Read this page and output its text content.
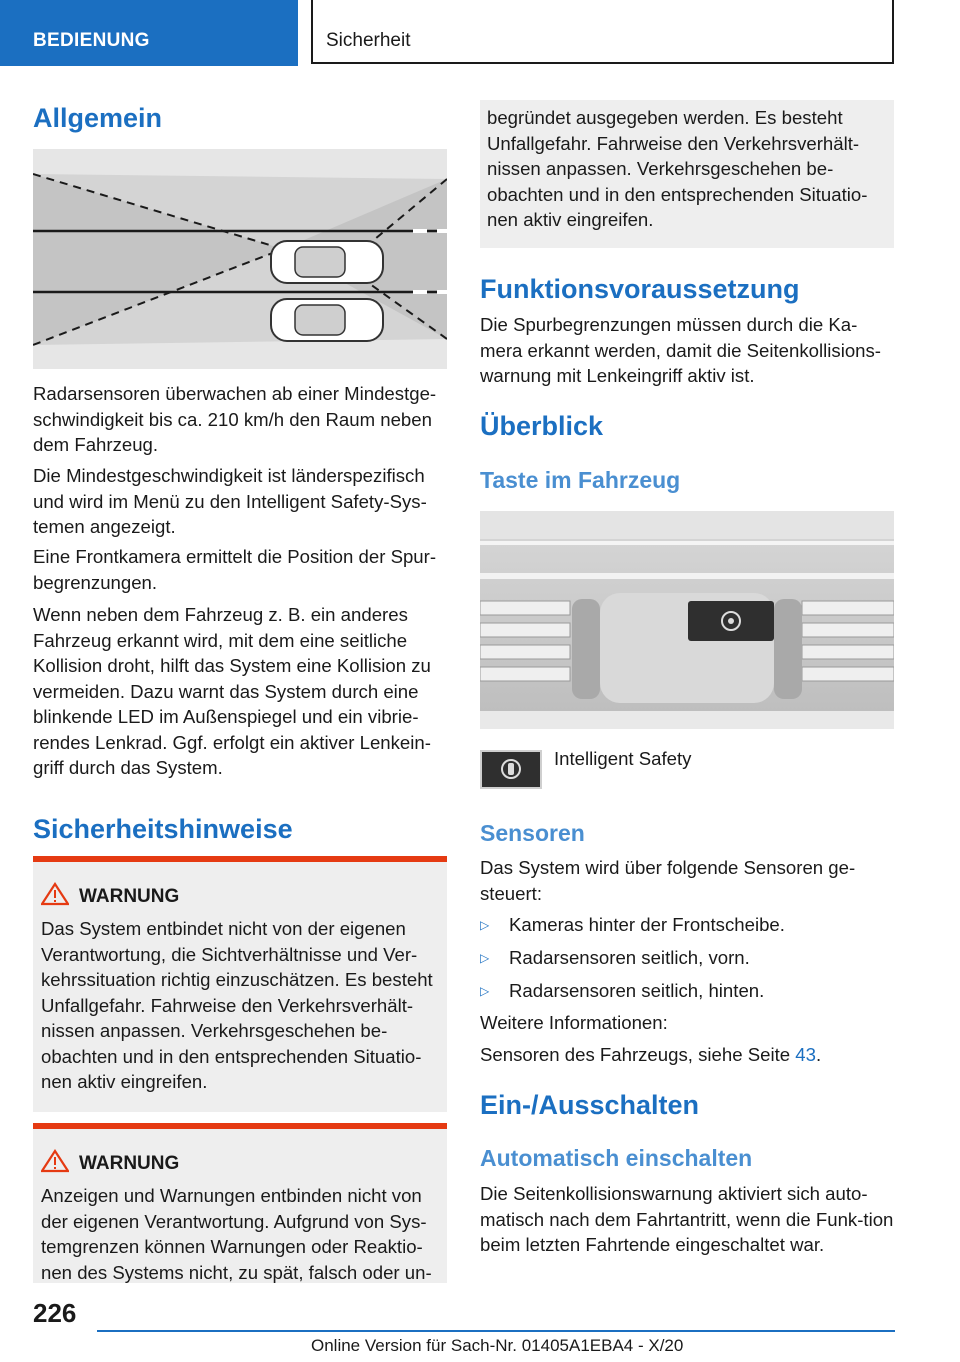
BEDIENUNG	Sicherheit
Allgemein

Radarsensoren überwachen ab einer Mindestge-schwindigkeit bis ca. 210 km/h den Raum neben dem Fahrzeug.

Die Mindestgeschwindigkeit ist länderspezifisch und wird im Menü zu den Intelligent Safety-Sys-temen angezeigt.

Eine Frontkamera ermittelt die Position der Spur-begrenzungen.

Wenn neben dem Fahrzeug z. B. ein anderes Fahrzeug erkannt wird, mit dem eine seitliche Kollision droht, hilft das System eine Kollision zu vermeiden. Dazu warnt das System durch eine blinkende LED im Außenspiegel und ein vibrie-rendes Lenkrad. Ggf. erfolgt ein aktiver Lenkein-griff durch das System.

Sicherheitshinweise
WARNUNG
Das System entbindet nicht von der eigenen Verantwortung, die Sichtverhältnisse und Ver-kehrssituation richtig einzuschätzen. Es besteht Unfallgefahr. Fahrweise den Verkehrsverhält-nissen anpassen. Verkehrsgeschehen be-obachten und in den entsprechenden Situatio-nen aktiv eingreifen.
WARNUNG
Anzeigen und Warnungen entbinden nicht von der eigenen Verantwortung. Aufgrund von Sys-temgrenzen können Warnungen oder Reaktio-nen des Systems nicht, zu spät, falsch oder un-
begründet ausgegeben werden. Es besteht Unfallgefahr. Fahrweise den Verkehrsverhält-nissen anpassen. Verkehrsgeschehen be-obachten und in den entsprechenden Situatio-nen aktiv eingreifen.
Funktionsvoraussetzung

Die Spurbegrenzungen müssen durch die Ka-mera erkannt werden, damit die Seitenkollisions-warnung mit Lenkeingriff aktiv ist.

Überblick
Taste im Fahrzeug
Intelligent Safety
Sensoren

Das System wird über folgende Sensoren ge-steuert:

▷ Kameras hinter der Frontscheibe.
▷ Radarsensoren seitlich, vorn.
▷ Radarsensoren seitlich, hinten.

Weitere Informationen:

Sensoren des Fahrzeugs, siehe Seite 43.

Ein-/Ausschalten
Automatisch einschalten

Die Seitenkollisionswarnung aktiviert sich auto-matisch nach dem Fahrtantritt, wenn die Funk-tion beim letzten Fahrtende eingeschaltet war.

226
Online Version für Sach-Nr. 01405A1EBA4 - X/20
